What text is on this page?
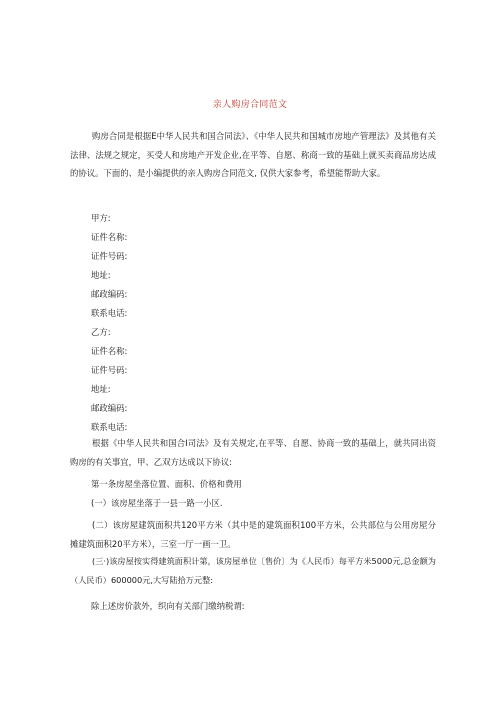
亲人购房合同范文
购房合同是根据E中华人民共和国合同法》、《中华人民共和国城市房地产管理法》及其他有关法律、法规之规定，买受人和房地产开发企业,在平等、自愿、称商一致的基础上就买卖商品房达成的协议。下面的、是小编提供的亲人购房合同范文, 仅供大家参考，希望能帮助大家。
甲方:
证件名称:
证件号码:
地址:
邮政编码:
联系电话:
乙方:
证件名称:
证件号码:
地址:
邮政编码:
联系电话:
根据《中华人民共和国合I司法》及有关规定,在平等、自愿、协商一致的基础上，就共同出资购房的有关事宜，甲、乙双方达成以下协议:
第一条房屋坐落位置、面积、价格和费用
(一）该房屋坐落于一县一路一小区.
(二）该房屋建筑面积共120平方米（其中是的建筑面积100平方米，公共部位与公用房屋分摊建筑面积20平方米），三室一厅一画一卫。
(三·)该房屋按实得建筑面积计第，该房屋单位〔售价〕为《人民币）每平方米5000元,总金额为（人民币）600000元,大写陆拾万元整:
除上述房价款外，织向有关部门缴纳税谓:
